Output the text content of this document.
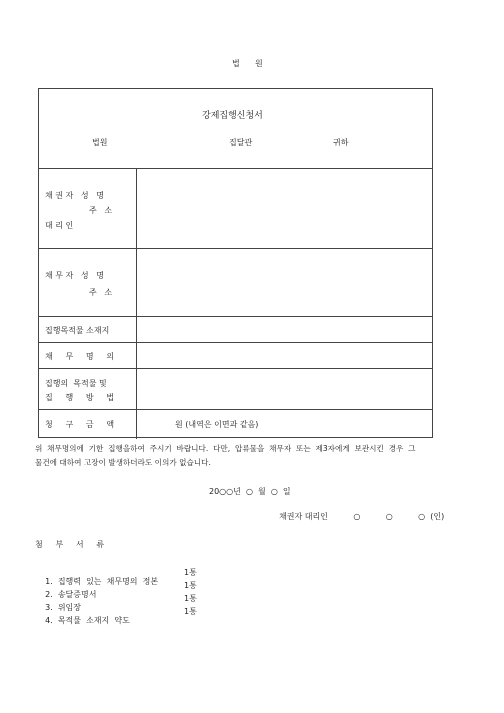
법      원
강제집행신청서
법원	집달관	귀하
채 권 자   성   명
주   소
대 리 인
채 무 자   성   명
주   소
집행목적물 소재지
채     무     명     의
집행의  목적물 및
집     행     방     법
청     구     금     액	원 (내역은 이면과 같음)
위  채무명의에  기한  집행을하여  주시기  바랍니다.  다만,  압류물을  채무자  또는  제3자에게  보관시킨  경우  그
물건에 대하여 고장이 발생하더라도 이의가 없습니다.
20○○년  ○  월  ○  일
채권자 대리인          ○          ○          ○  (인)
첨     부     서     류

1.  집행력  있는  채무명의  정본

1통

2.  송달증명서

1통

3.  위임장

1통

4.  목적물  소재지  약도

1통
